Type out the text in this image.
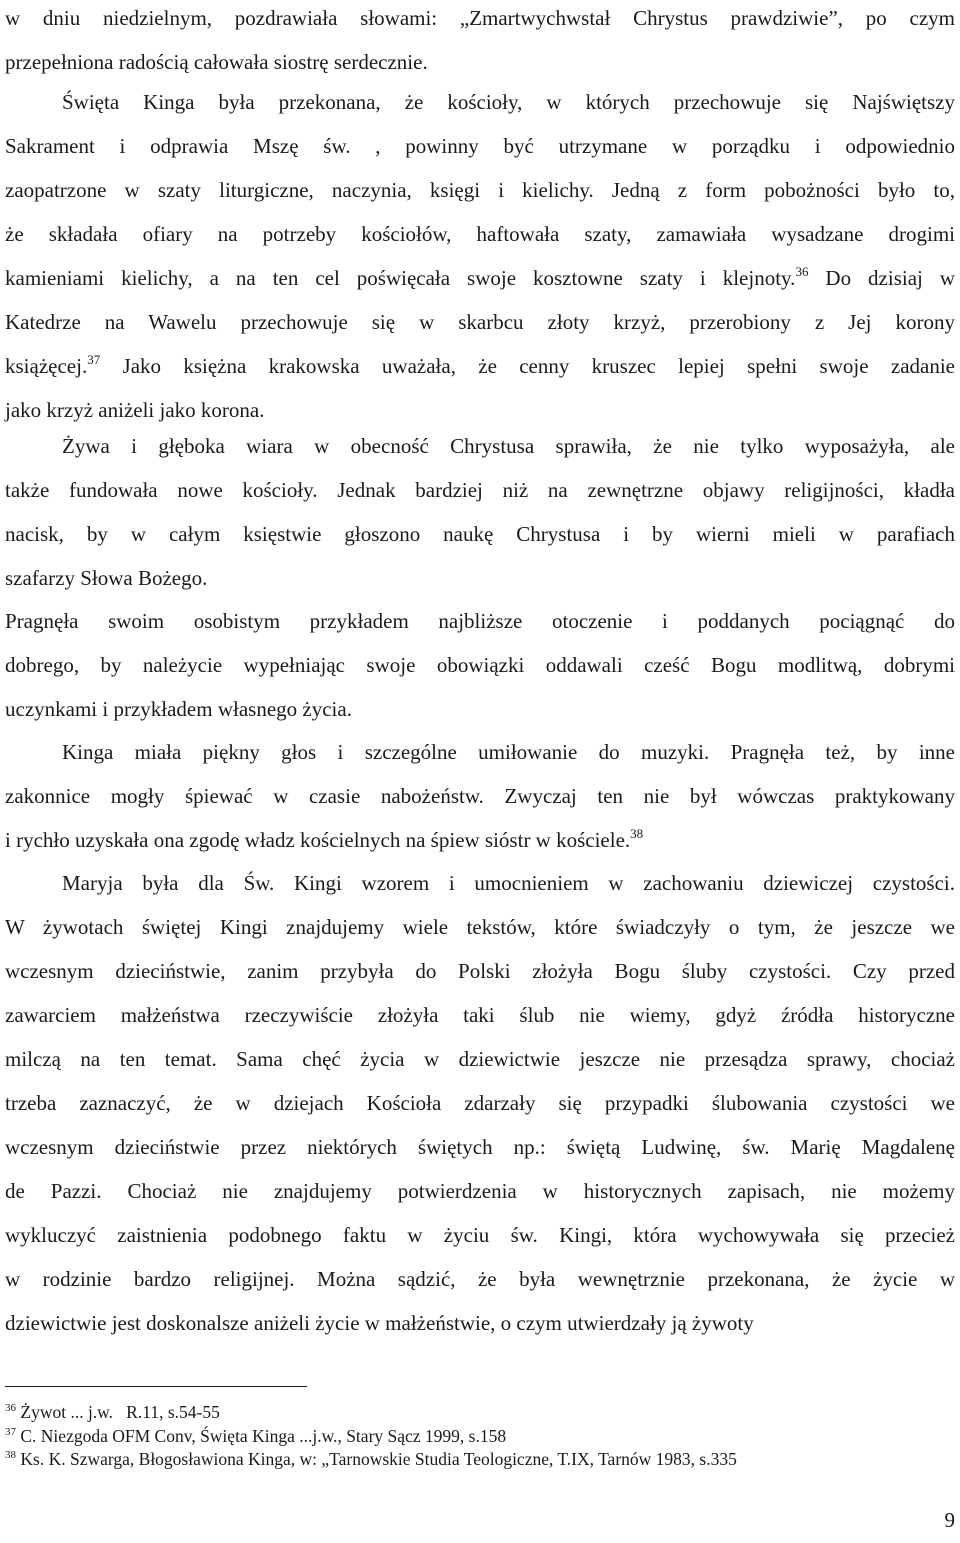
w dniu niedzielnym, pozdrawiała słowami: „Zmartwychwstał Chrystus prawdziwie”, po czym
przepełniona radością całowała siostrę serdecznie.

Święta Kinga była przekonana, że kościoły, w których przechowuje się Najświętszy
Sakrament i odprawia Mszę św. , powinny być utrzymane w porządku i odpowiednio
zaopatrzone w szaty liturgiczne, naczynia, księgi i kielichy. Jedną z form pobożności było to,
że składała ofiary na potrzeby kościołów, haftowała szaty, zamawiała wysadzane drogimi
kamieniami kielichy, a na ten cel poświęcała swoje kosztowne szaty i klejnoty.$^{36}$ Do dzisiaj w
Katedrze na Wawelu przechowuje się w skarbcu złoty krzyż, przerobiony z Jej korony
książęcej.$^{37}$ Jako księżna krakowska uważała, że cenny kruszec lepiej spełni swoje zadanie
jako krzyż aniżeli jako korona.

Żywa i głęboka wiara w obecność Chrystusa sprawiła, że nie tylko wyposażyła, ale
także fundowała nowe kościoły. Jednak bardziej niż na zewnętrzne objawy religijności, kładła
nacisk, by w całym księstwie głoszono naukę Chrystusa i by wierni mieli w parafiach
szafarzy Słowa Bożego.

Pragnęła swoim osobistym przykładem najbliższe otoczenie i poddanych pociągnąć do
dobrego, by należycie wypełniając swoje obowiązki oddawali cześć Bogu modlitwą, dobrymi
uczynkami i przykładem własnego życia.

Kinga miała piękny głos i szczególne umiłowanie do muzyki. Pragnęła też, by inne
zakonnice mogły śpiewać w czasie nabożeństw. Zwyczaj ten nie był wówczas praktykowany
i rychło uzyskała ona zgodę władz kościelnych na śpiew sióstr w kościele.$^{38}$

Maryja była dla Św. Kingi wzorem i umocnieniem w zachowaniu dziewiczej czystości.
W żywotach świętej Kingi znajdujemy wiele tekstów, które świadczyły o tym, że jeszcze we
wczesnym dzieciństwie, zanim przybyła do Polski złożyła Bogu śluby czystości. Czy przed
zawarciem małżeństwa rzeczywiście złożyła taki ślub nie wiemy, gdyż źródła historyczne
milczą na ten temat. Sama chęć życia w dziewictwie jeszcze nie przesądza sprawy, chociaż
trzeba zaznaczyć, że w dziejach Kościoła zdarzały się przypadki ślubowania czystości we
wczesnym dzieciństwie przez niektórych świętych np.: świętą Ludwinę, św. Marię Magdalenę
de Pazzi. Chociaż nie znajdujemy potwierdzenia w historycznych zapisach, nie możemy
wykluczyć zaistnienia podobnego faktu w życiu św. Kingi, która wychowywała się przecież
w rodzinie bardzo religijnej. Można sądzić, że była wewnętrznie przekonana, że życie w
dziewictwie jest doskonalsze aniżeli życie w małżeństwie, o czym utwierdzały ją żywoty

$^{36}$ Żywot ... j.w.   R.11, s.54-55

$^{37}$ C. Niezgoda OFM Conv, Święta Kinga ...j.w., Stary Sącz 1999, s.158

$^{38}$ Ks. K. Szwarga, Błogosławiona Kinga, w: „Tarnowskie Studia Teologiczne, T.IX, Tarnów 1983, s.335

9
